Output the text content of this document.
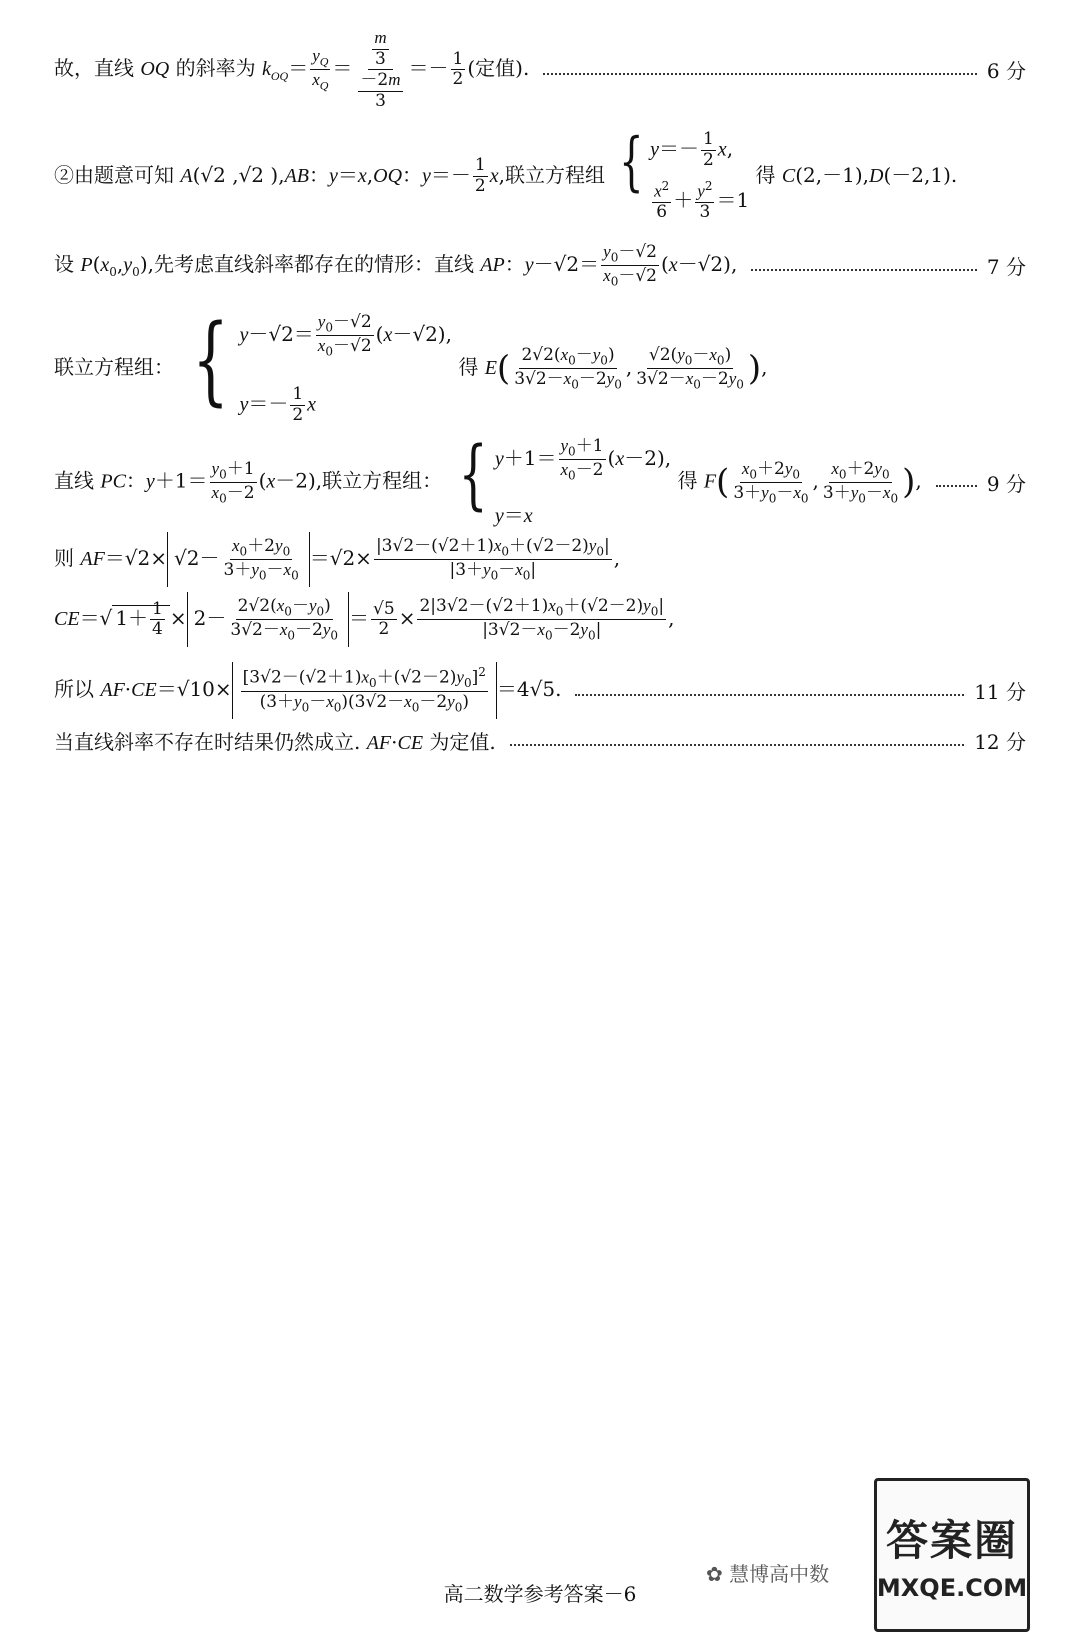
故，直线 OQ 的斜率为 $k_{OQ}= \frac{y_Q}{x_Q} = \frac{\frac{m}{3}}{\frac{-2m}{3}} =- \frac{1}{2}$ (定值).	6 分
②由题意可知 A(√2 ,√2 ),AB：y＝x,OQ：$y=- \frac{1}{2} x$,联立方程组 { $y=- \frac{1}{2} x$,
$\frac{x^2}{6} + \frac{y^2}{3} =1$
得 C(2,－1),D(－2,1).
设 $P(x_0,y_0)$,先考虑直线斜率都存在的情形：直线 AP：$y-√2= \frac{y_0-√2}{x_0-√2} (x-√2)$,	7 分
联立方程组： { $y-√2= \frac{y_0-√2}{x_0-√2} (x-√2)$,
$y=- \frac{1}{2}$ x
得 $E( \frac{2√2(x_0-y_0)}{3√2-x_0-2y_0}$ , $\frac{√2(y_0-x_0)}{3√2-x_0-2y_0}$ ),
直线 PC：$y+1= \frac{y_0+1}{x_0-2} (x-2)$,联立方程组： { $y+1= \frac{y_0+1}{x_0-2} (x-2)$,
y＝x
得 $F( \frac{x_0+2y_0}{3+y_0-x_0}$ , $\frac{x_0+2y_0}{3+y_0-x_0}$ ),	9 分
则 $AF=√2\times √2- \frac{x_0+2y_0}{3+y_0-x_0} =√2\times \frac{|3√2-(√2+1)x_0+(√2-2)y_0|}{|3+y_0-x_0|}$ ,
CE＝√ $1+ \frac{1}{4} \times 2- \frac{2√2(x_0-y_0)}{3√2-x_0-2y_0} = \frac{√5}{2} \times \frac{2|3√2-(√2+1)x_0+(√2-2)y_0|}{|3√2-x_0-2y_0|}$ ,
所以 $AF\cdot CE=√10\times \frac{[3√2-(√2+1)x_0+(√2-2)y_0]^2}{(3+y_0-x_0)(3√2-x_0-2y_0)} =4√5$.	11 分
当直线斜率不存在时结果仍然成立. AF·CE 为定值.	12 分
高二数学参考答案－6
✿ 慧博高中数
答案圈
MXQE.COM
